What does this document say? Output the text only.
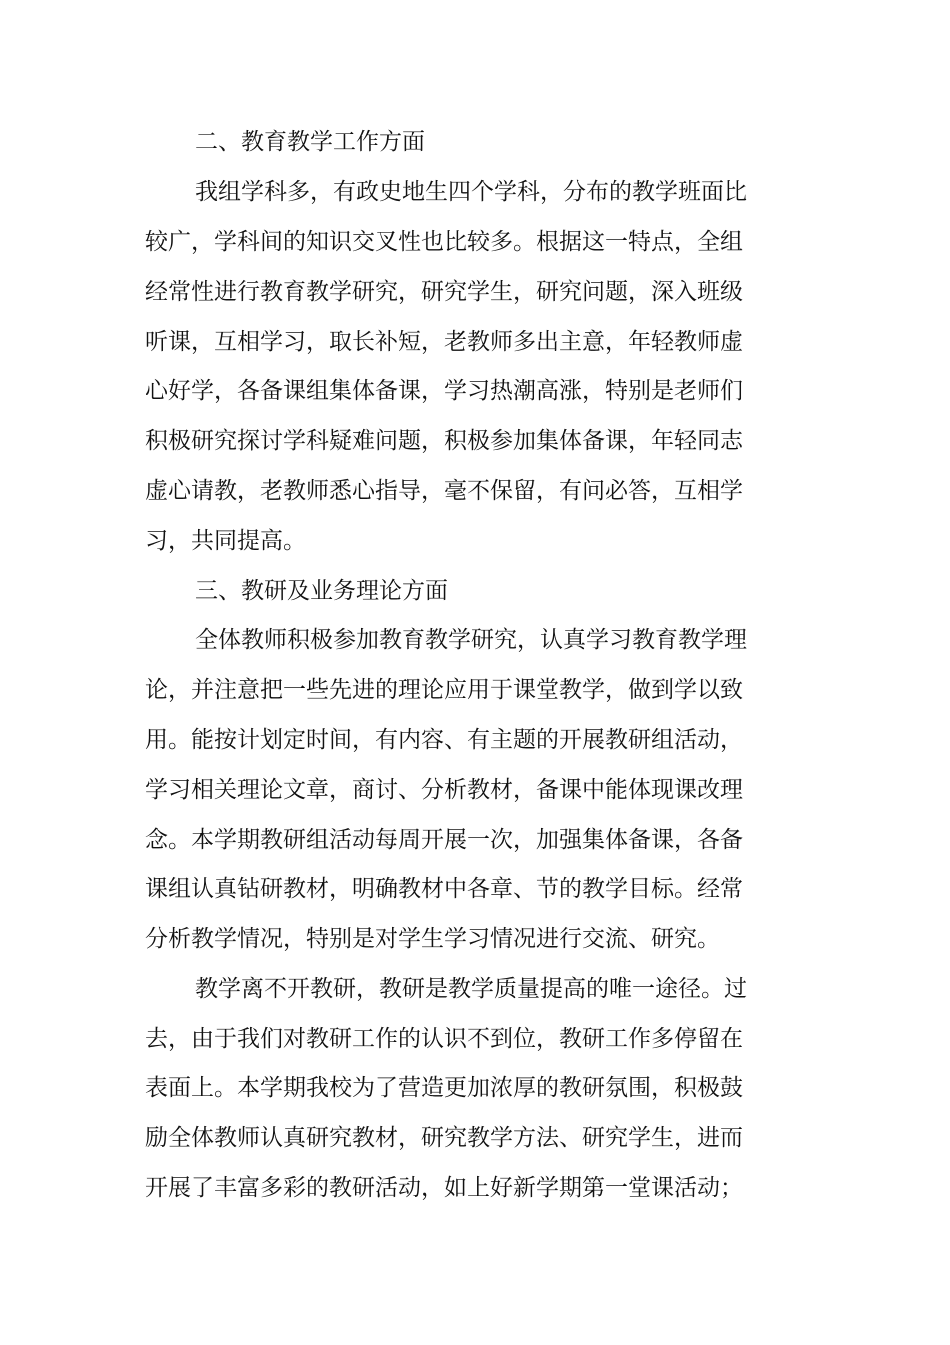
二、教育教学工作方面
我组学科多，有政史地生四个学科，分布的教学班面比
较广，学科间的知识交叉性也比较多。根据这一特点，全组
经常性进行教育教学研究，研究学生，研究问题，深入班级
听课，互相学习，取长补短，老教师多出主意，年轻教师虚
心好学，各备课组集体备课，学习热潮高涨，特别是老师们
积极研究探讨学科疑难问题，积极参加集体备课，年轻同志
虚心请教，老教师悉心指导，毫不保留，有问必答，互相学
习，共同提高。
三、教研及业务理论方面
全体教师积极参加教育教学研究，认真学习教育教学理
论，并注意把一些先进的理论应用于课堂教学，做到学以致
用。能按计划定时间，有内容、有主题的开展教研组活动，
学习相关理论文章，商讨、分析教材，备课中能体现课改理
念。本学期教研组活动每周开展一次，加强集体备课，各备
课组认真钻研教材，明确教材中各章、节的教学目标。经常
分析教学情况，特别是对学生学习情况进行交流、研究。
教学离不开教研，教研是教学质量提高的唯一途径。过
去，由于我们对教研工作的认识不到位，教研工作多停留在
表面上。本学期我校为了营造更加浓厚的教研氛围，积极鼓
励全体教师认真研究教材，研究教学方法、研究学生，进而
开展了丰富多彩的教研活动，如上好新学期第一堂课活动；
